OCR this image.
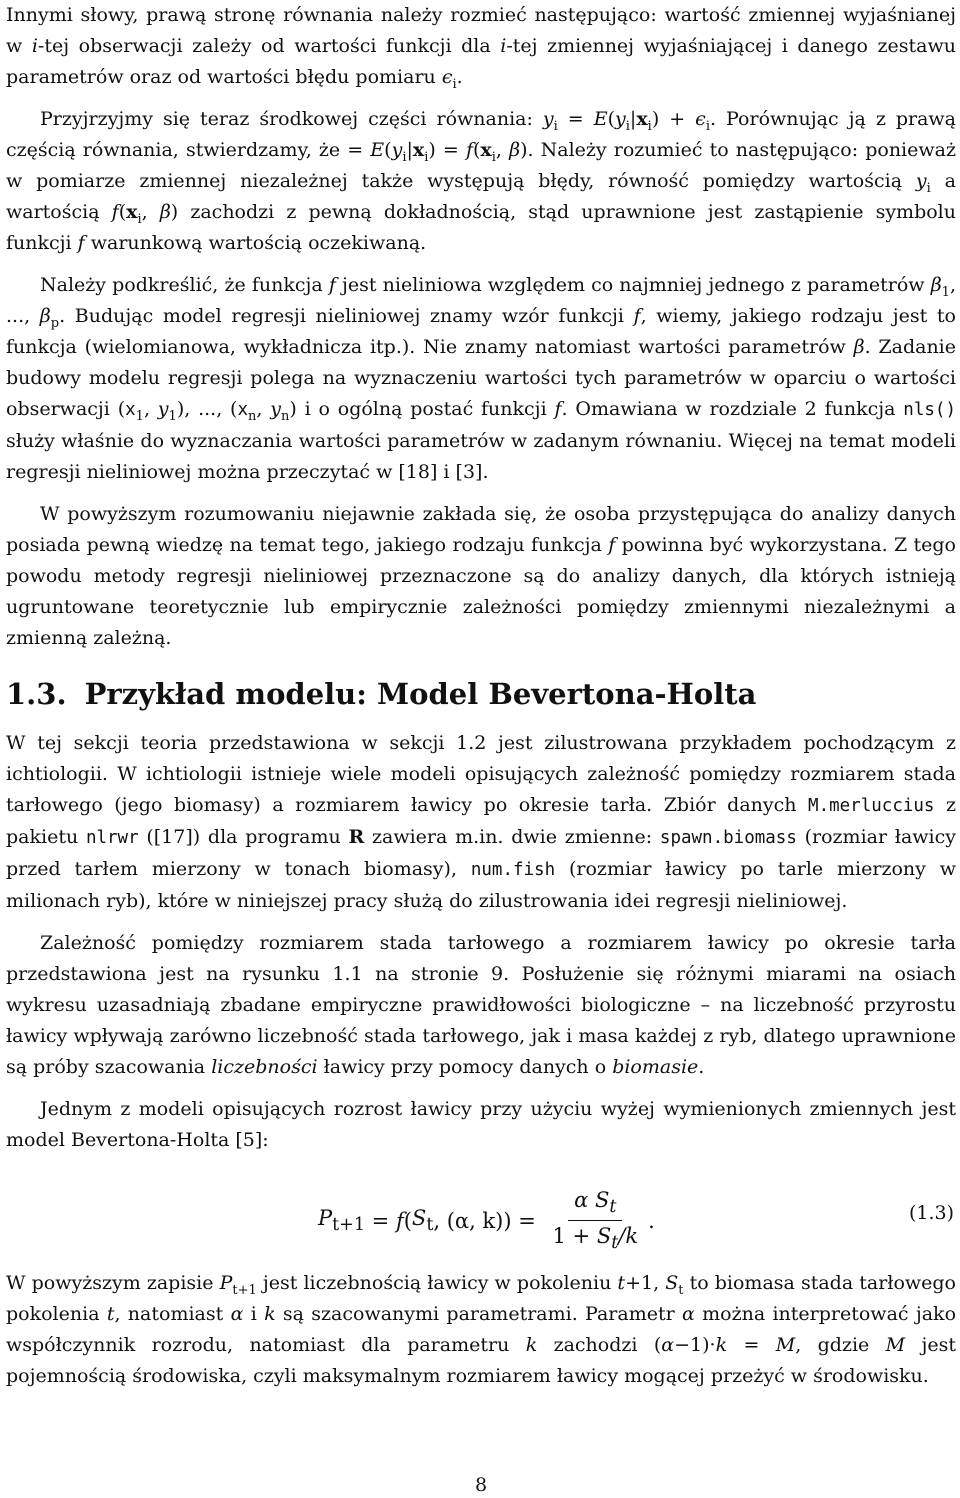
Innymi słowy, prawą stronę równania należy rozmieć następująco: wartość zmiennej wyjaśnianej w i-tej obserwacji zależy od wartości funkcji dla i-tej zmiennej wyjaśniającej i danego zestawu parametrów oraz od wartości błędu pomiaru $\epsilon_i$.

Przyjrzyjmy się teraz środkowej części równania: $y_i = E(y_i|x_i) + \epsilon_i$. Porównując ją z prawą częścią równania, stwierdzamy, że = $E(y_i|x_i) = f(x_i$, β). Należy rozumieć to następująco: ponieważ w pomiarze zmiennej niezależnej także występują błędy, równość pomiędzy wartością $y_i$ a wartością $f(x_i$, β) zachodzi z pewną dokładnością, stąd uprawnione jest zastąpienie symbolu funkcji f warunkową wartością oczekiwaną.

Należy podkreślić, że funkcja f jest nieliniowa względem co najmniej jednego z parametrów $\beta_1$, ..., $\beta_p$. Budując model regresji nieliniowej znamy wzór funkcji f, wiemy, jakiego rodzaju jest to funkcja (wielomianowa, wykładnicza itp.). Nie znamy natomiast wartości parametrów β. Zadanie budowy modelu regresji polega na wyznaczeniu wartości tych parametrów w oparciu o wartości obserwacji ($x_1$, $y_1$), ..., ($x_n$, $y_n$) i o ogólną postać funkcji f. Omawiana w rozdziale 2 funkcja nls() służy właśnie do wyznaczania wartości parametrów w zadanym równaniu. Więcej na temat modeli regresji nieliniowej można przeczytać w [18] i [3].

W powyższym rozumowaniu niejawnie zakłada się, że osoba przystępująca do analizy danych posiada pewną wiedzę na temat tego, jakiego rodzaju funkcja f powinna być wykorzystana. Z tego powodu metody regresji nieliniowej przeznaczone są do analizy danych, dla których istnieją ugruntowane teoretycznie lub empirycznie zależności pomiędzy zmiennymi niezależnymi a zmienną zależną.

1.3. Przykład modelu: Model Bevertona-Holta

W tej sekcji teoria przedstawiona w sekcji 1.2 jest zilustrowana przykładem pochodzącym z ichtiologii. W ichtiologii istnieje wiele modeli opisujących zależność pomiędzy rozmiarem stada tarłowego (jego biomasy) a rozmiarem ławicy po okresie tarła. Zbiór danych M.merluccius z pakietu nlrwr ([17]) dla programu R zawiera m.in. dwie zmienne: spawn.biomass (rozmiar ławicy przed tarłem mierzony w tonach biomasy), num.fish (rozmiar ławicy po tarle mierzony w milionach ryb), które w niniejszej pracy służą do zilustrowania idei regresji nieliniowej.

Zależność pomiędzy rozmiarem stada tarłowego a rozmiarem ławicy po okresie tarła przedstawiona jest na rysunku 1.1 na stronie 9. Posłużenie się różnymi miarami na osiach wykresu uzasadniają zbadane empiryczne prawidłowości biologiczne – na liczebność przyrostu ławicy wpływają zarówno liczebność stada tarłowego, jak i masa każdej z ryb, dlatego uprawnione są próby szacowania liczebności ławicy przy pomocy danych o biomasie.

Jednym z modeli opisujących rozrost ławicy przy użyciu wyżej wymienionych zmiennych jest model Bevertona-Holta [5]:

$P_{t+1} = f$ ( $S_t$ , (α, $k)) = \frac{\alpha S_t}{1 + S_t/k}$ .	(1.3)

W powyższym zapisie $P_{t+1}$ jest liczebnością ławicy w pokoleniu t+1, $S_t$ to biomasa stada tarłowego pokolenia t, natomiast α i k są szacowanymi parametrami. Parametr α można interpretować jako współczynnik rozrodu, natomiast dla parametru k zachodzi (α−1)·k = M, gdzie M jest pojemnością środowiska, czyli maksymalnym rozmiarem ławicy mogącej przeżyć w środowisku.

8
